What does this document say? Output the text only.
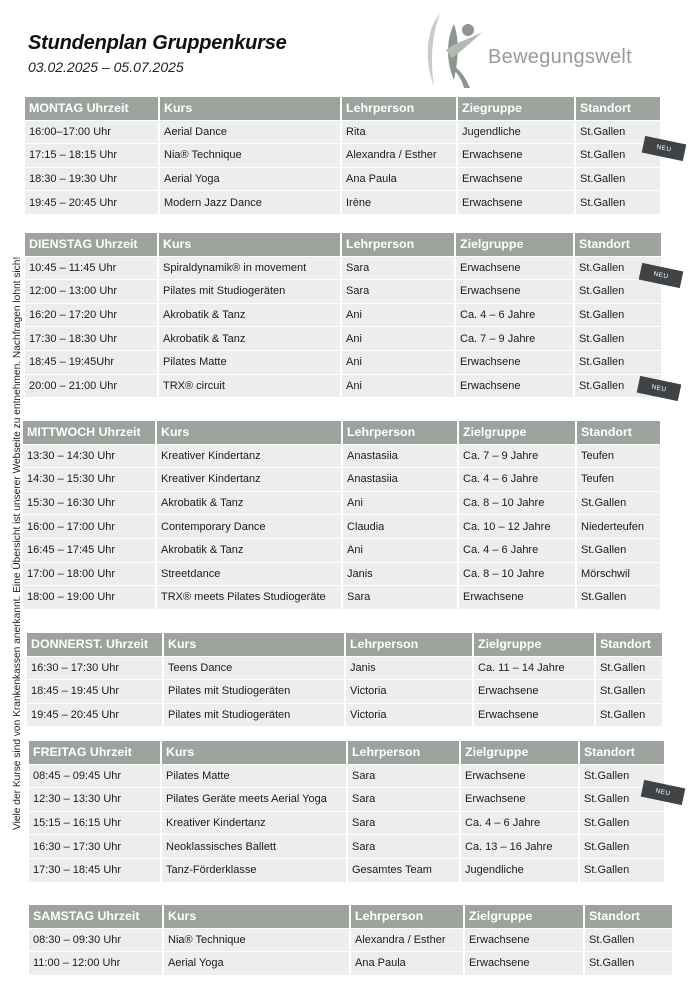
Stundenplan Gruppenkurse
03.02.2025 – 05.07.2025	Bewegungswelt
Viele der Kurse sind von Krankenkassen anerkannt. Eine Übersicht ist unserer Webseite zu entnehmen. Nachfragen lohnt sich!
MONTAG Uhrzeit	Kurs	Lehrperson	Ziegruppe	Standort
16:00–17:00 Uhr	Aerial Dance	Rita	Jugendliche	St.Gallen
17:15 – 18:15 Uhr	Nia® Technique	Alexandra / Esther	Erwachsene	St.Gallen
18:30 – 19:30 Uhr	Aerial Yoga	Ana Paula	Erwachsene	St.Gallen
19:45 – 20:45 Uhr	Modern Jazz Dance	Irène	Erwachsene	St.Gallen
DIENSTAG Uhrzeit	Kurs	Lehrperson	Zielgruppe	Standort
10:45 – 11:45 Uhr	Spiraldynamik® in movement	Sara	Erwachsene	St.Gallen
12:00 – 13:00 Uhr	Pilates mit Studiogeräten	Sara	Erwachsene	St.Gallen
16:20 – 17:20 Uhr	Akrobatik & Tanz	Ani	Ca. 4 – 6 Jahre	St.Gallen
17:30 – 18:30 Uhr	Akrobatik & Tanz	Ani	Ca. 7 – 9 Jahre	St.Gallen
18:45 – 19:45Uhr	Pilates Matte	Ani	Erwachsene	St.Gallen
20:00 – 21:00 Uhr	TRX® circuit	Ani	Erwachsene	St.Gallen
MITTWOCH Uhrzeit	Kurs	Lehrperson	Zielgruppe	Standort
13:30 – 14:30 Uhr	Kreativer Kindertanz	Anastasiia	Ca. 7 – 9 Jahre	Teufen
14:30 – 15:30 Uhr	Kreativer Kindertanz	Anastasiia	Ca. 4 – 6 Jahre	Teufen
15:30 – 16:30 Uhr	Akrobatik & Tanz	Ani	Ca. 8 – 10 Jahre	St.Gallen
16:00 – 17:00 Uhr	Contemporary Dance	Claudia	Ca. 10 – 12 Jahre	Niederteufen
16:45 – 17:45 Uhr	Akrobatik & Tanz	Ani	Ca. 4 – 6 Jahre	St.Gallen
17:00 – 18:00 Uhr	Streetdance	Janis	Ca. 8 – 10 Jahre	Mörschwil
18:00 – 19:00 Uhr	TRX® meets Pilates Studiogeräte	Sara	Erwachsene	St.Gallen
DONNERST. Uhrzeit	Kurs	Lehrperson	Zielgruppe	Standort
16:30 – 17:30 Uhr	Teens Dance	Janis	Ca. 11 – 14 Jahre	St.Gallen
18:45 – 19:45 Uhr	Pilates mit Studiogeräten	Victoria	Erwachsene	St.Gallen
19:45 – 20:45 Uhr	Pilates mit Studiogeräten	Victoria	Erwachsene	St.Gallen
FREITAG Uhrzeit	Kurs	Lehrperson	Zielgruppe	Standort
08:45 – 09:45 Uhr	Pilates Matte	Sara	Erwachsene	St.Gallen
12:30 – 13:30 Uhr	Pilates Geräte meets Aerial Yoga	Sara	Erwachsene	St.Gallen
15:15 – 16:15 Uhr	Kreativer Kindertanz	Sara	Ca. 4 – 6 Jahre	St.Gallen
16:30 – 17:30 Uhr	Neoklassisches Ballett	Sara	Ca. 13 – 16 Jahre	St.Gallen
17:30 – 18:45 Uhr	Tanz-Förderklasse	Gesamtes Team	Jugendliche	St.Gallen
SAMSTAG Uhrzeit	Kurs	Lehrperson	Zielgruppe	Standort
08:30 – 09:30 Uhr	Nia® Technique	Alexandra / Esther	Erwachsene	St.Gallen
11:00 – 12:00 Uhr	Aerial Yoga	Ana Paula	Erwachsene	St.Gallen
NEU
NEU
NEU
NEU
